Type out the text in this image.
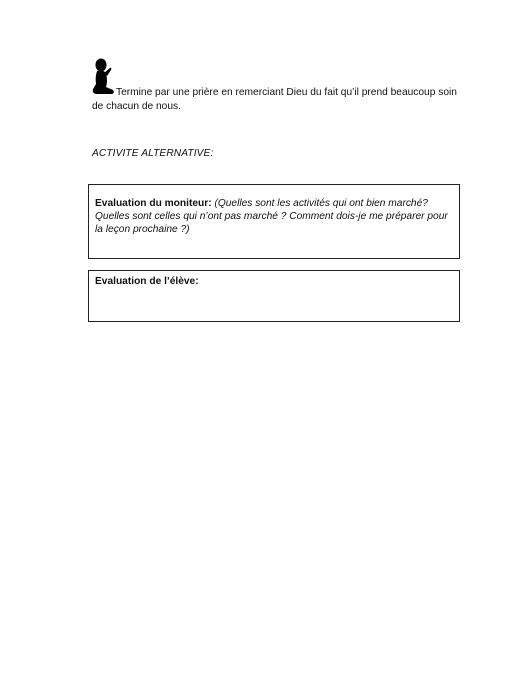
Termine par une prière en remerciant Dieu du fait qu’il prend beaucoup soin
de chacun de nous.
ACTIVITE ALTERNATIVE:
Evaluation du moniteur: (Quelles sont les activités qui ont bien marché? Quelles sont celles qui n’ont pas marché ? Comment dois-je me préparer pour la leçon prochaine ?)
Evaluation de l’élève:
